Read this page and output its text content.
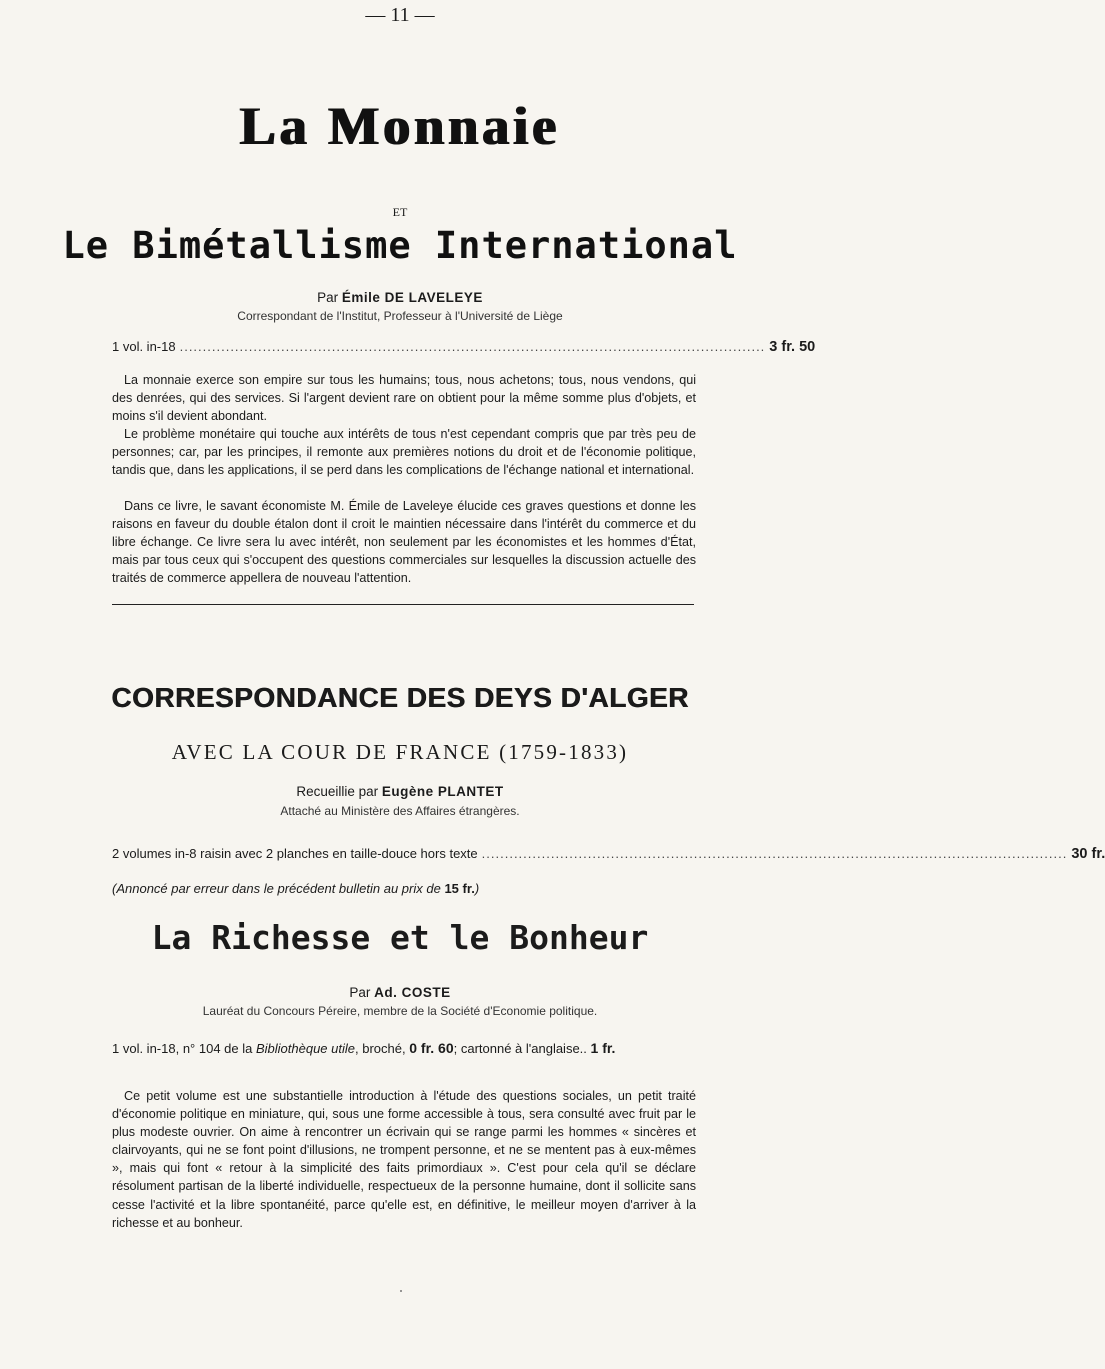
— 11 —
La Monnaie
ET
Le Bimétallisme International
Par Émile DE LAVELEYE
Correspondant de l'Institut, Professeur à l'Université de Liège
1 vol. in-18 ............................................................................................................................... 3 fr. 50

La monnaie exerce son empire sur tous les humains; tous, nous achetons; tous, nous vendons, qui des denrées, qui des services. Si l'argent devient rare on obtient pour la même somme plus d'objets, et moins s'il devient abondant.

Le problème monétaire qui touche aux intérêts de tous n'est cependant compris que par très peu de personnes; car, par les principes, il remonte aux premières notions du droit et de l'économie politique, tandis que, dans les applications, il se perd dans les complications de l'échange national et international.

Dans ce livre, le savant économiste M. Émile de Laveleye élucide ces graves questions et donne les raisons en faveur du double étalon dont il croit le maintien nécessaire dans l'intérêt du commerce et du libre échange. Ce livre sera lu avec intérêt, non seulement par les économistes et les hommes d'État, mais par tous ceux qui s'occupent des questions commerciales sur lesquelles la discussion actuelle des traités de commerce appellera de nouveau l'attention.

CORRESPONDANCE DES DEYS D'ALGER
AVEC LA COUR DE FRANCE (1759-1833)
Recueillie par Eugène PLANTET
Attaché au Ministère des Affaires étrangères.
2 volumes in-8 raisin avec 2 planches en taille-douce hors texte ............................................................................................................................... 30 fr.
(Annoncé par erreur dans le précédent bulletin au prix de 15 fr.)
La Richesse et le Bonheur
Par Ad. COSTE
Lauréat du Concours Péreire, membre de la Société d'Economie politique.
1 vol. in-18, n° 104 de la Bibliothèque utile, broché, 0 fr. 60; cartonné à l'anglaise.. 1 fr.

Ce petit volume est une substantielle introduction à l'étude des questions sociales, un petit traité d'économie politique en miniature, qui, sous une forme accessible à tous, sera consulté avec fruit par le plus modeste ouvrier. On aime à rencontrer un écrivain qui se range parmi les hommes « sincères et clairvoyants, qui ne se font point d'illusions, ne trompent personne, et ne se mentent pas à eux-mêmes », mais qui font « retour à la simplicité des faits primordiaux ». C'est pour cela qu'il se déclare résolument partisan de la liberté individuelle, respectueux de la personne humaine, dont il sollicite sans cesse l'activité et la libre spontanéité, parce qu'elle est, en définitive, le meilleur moyen d'arriver à la richesse et au bonheur.
